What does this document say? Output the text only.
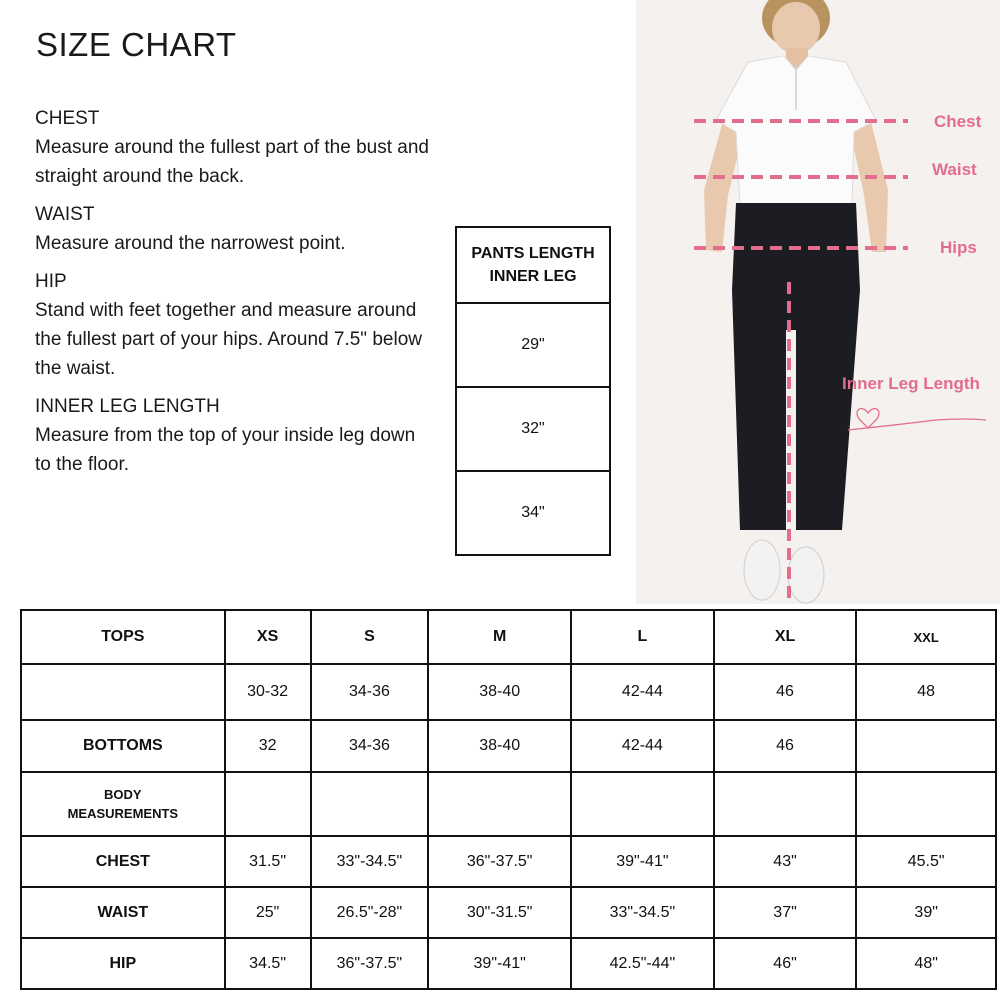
SIZE CHART
CHEST
Measure around the fullest part of the bust and straight around the back.
WAIST
Measure around the narrowest point.
HIP
Stand with feet together and measure around the fullest part of your hips. Around 7.5" below the waist.
INNER LEG LENGTH
Measure from the top of your inside leg down to the floor.
PANTS LENGTH
INNER LEG
29"
32"
34"
Chest
Waist
Hips
Inner Leg Length
TOPS	XS	S	M	L	XL	XXL
	30-32	34-36	38-40	42-44	46	48
BOTTOMS	32	34-36	38-40	42-44	46	
BODY
MEASUREMENTS						
CHEST	31.5"	33"-34.5"	36"-37.5"	39"-41"	43"	45.5"
WAIST	25"	26.5"-28"	30"-31.5"	33"-34.5"	37"	39"
HIP	34.5"	36"-37.5"	39"-41"	42.5"-44"	46"	48"
